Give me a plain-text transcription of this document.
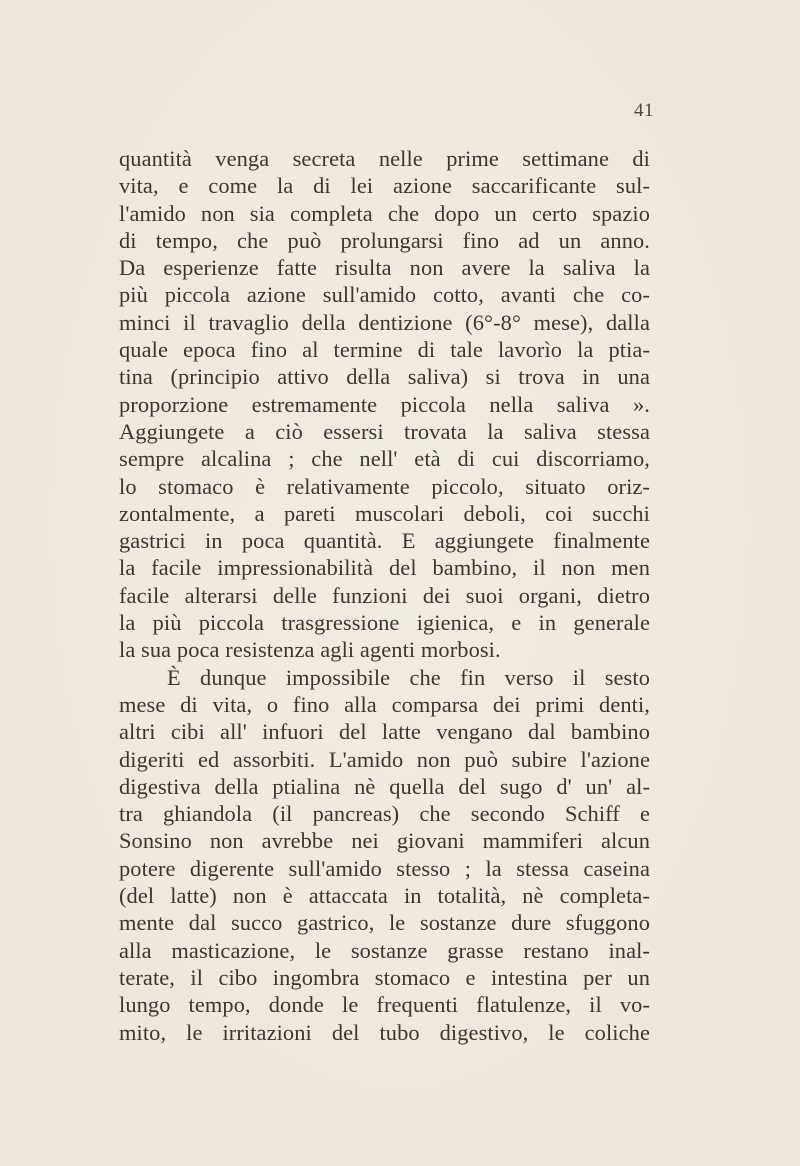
41
quantità venga secreta nelle prime settimane di
vita, e come la di lei azione saccarificante sul-
l'amido non sia completa che dopo un certo spazio
di tempo, che può prolungarsi fino ad un anno.
Da esperienze fatte risulta non avere la saliva la
più piccola azione sull'amido cotto, avanti che co-
minci il travaglio della dentizione (6°-8° mese), dalla
quale epoca fino al termine di tale lavorìo la ptia-
tina (principio attivo della saliva) si trova in una
proporzione estremamente piccola nella saliva ».
Aggiungete a ciò essersi trovata la saliva stessa
sempre alcalina ; che nell' età di cui discorriamo,
lo stomaco è relativamente piccolo, situato oriz-
zontalmente, a pareti muscolari deboli, coi succhi
gastrici in poca quantità. E aggiungete finalmente
la facile impressionabilità del bambino, il non men
facile alterarsi delle funzioni dei suoi organi, dietro
la più piccola trasgressione igienica, e in generale
la sua poca resistenza agli agenti morbosi.
È dunque impossibile che fin verso il sesto
mese di vita, o fino alla comparsa dei primi denti,
altri cibi all' infuori del latte vengano dal bambino
digeriti ed assorbiti. L'amido non può subire l'azione
digestiva della ptialina nè quella del sugo d' un' al-
tra ghiandola (il pancreas) che secondo Schiff e
Sonsino non avrebbe nei giovani mammiferi alcun
potere digerente sull'amido stesso ; la stessa caseina
(del latte) non è attaccata in totalità, nè completa-
mente dal succo gastrico, le sostanze dure sfuggono
alla masticazione, le sostanze grasse restano inal-
terate, il cibo ingombra stomaco e intestina per un
lungo tempo, donde le frequenti flatulenze, il vo-
mito, le irritazioni del tubo digestivo, le coliche
